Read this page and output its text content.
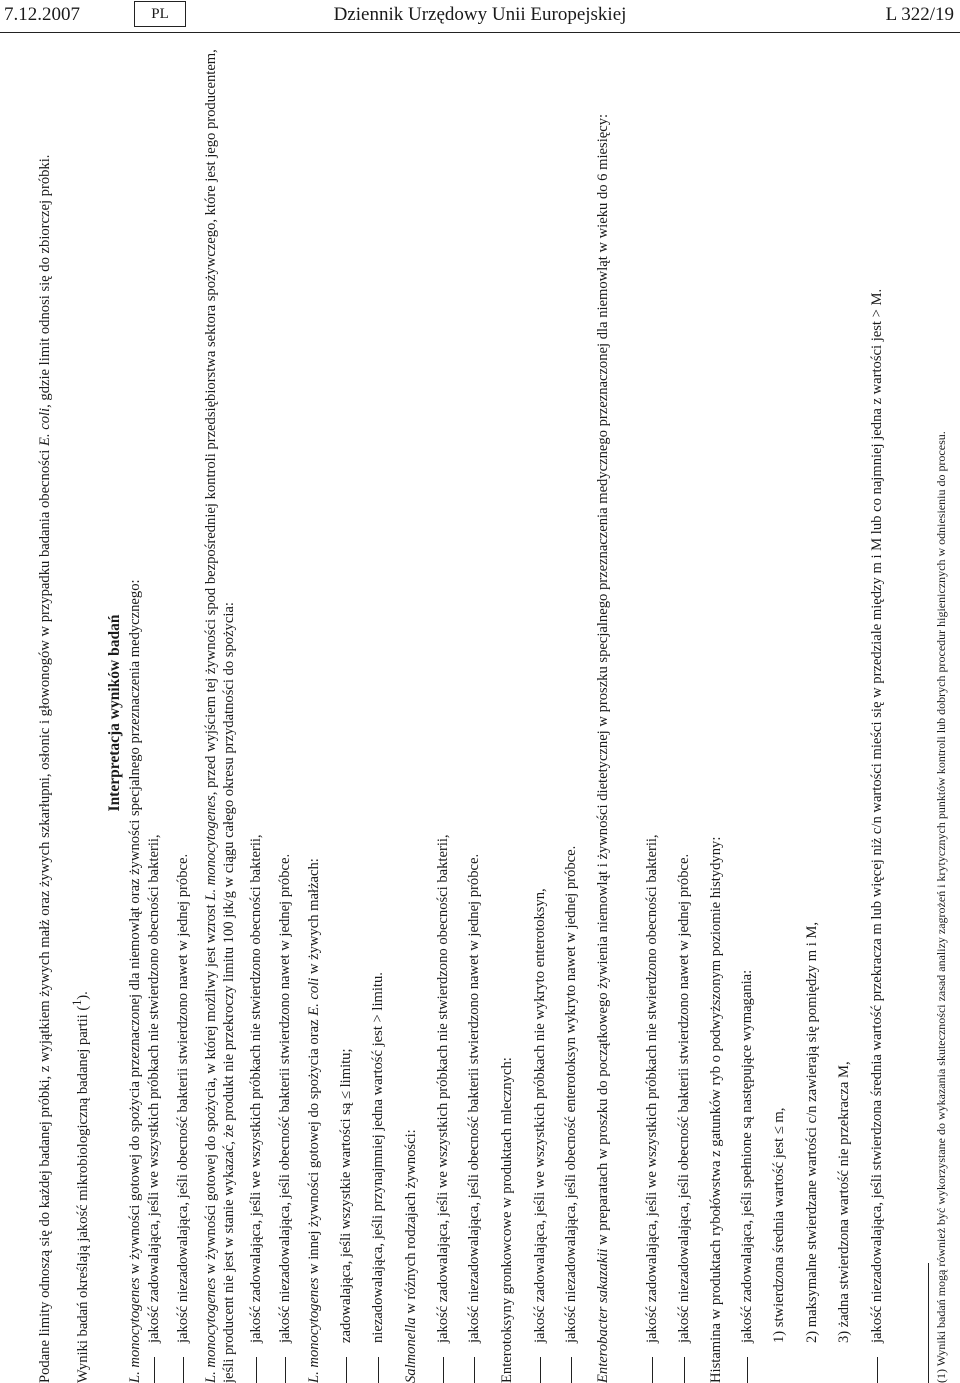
7.12.2007	PL	Dziennik Urzędowy Unii Europejskiej	L 322/19
Podane limity odnoszą się do każdej badanej próbki, z wyjątkiem żywych małż oraz żywych szkarłupni, osłonic i głowonogów w przypadku badania obecności E. coli, gdzie limit odnosi się do zbiorczej próbki.
Wyniki badań określają jakość mikrobiologiczną badanej partii ($^1$).
Interpretacja wyników badań
L. monocytogenes w żywności gotowej do spożycia przeznaczonej dla niemowląt oraz żywności specjalnego przeznaczenia medycznego: jakość zadowalająca, jeśli we wszystkich próbkach nie stwierdzono obecności bakterii, jakość niezadowalająca, jeśli obecność bakterii stwierdzono nawet w jednej próbce. L. monocytogenes w żywności gotowej do spożycia, w której możliwy jest wzrost L. monocytogenes, przed wyjściem tej żywności spod bezpośredniej kontroli przedsiębiorstwa sektora spożywczego, które jest jego producentem, jeśli producent nie jest w stanie wykazać, że produkt nie przekroczy limitu 100 jtk/g w ciągu całego okresu przydatności do spożycia: jakość zadowalająca, jeśli we wszystkich próbkach nie stwierdzono obecności bakterii, jakość niezadowalająca, jeśli obecność bakterii stwierdzono nawet w jednej próbce. L. monocytogenes w innej żywności gotowej do spożycia oraz E. coli w żywych małżach:
zadowalająca, jeśli wszystkie wartości są ≤ limitu; niezadowalająca, jeśli przynajmniej jedna wartość jest > limitu.
Salmonella w różnych rodzajach żywności: jakość zadowalająca, jeśli we wszystkich próbkach nie stwierdzono obecności bakterii, jakość niezadowalająca, jeśli obecność bakterii stwierdzono nawet w jednej próbce. Enterotoksyny gronkowcowe w produktach mlecznych: jakość zadowalająca, jeśli we wszystkich próbkach nie wykryto enterotoksyn, jakość niezadowalająca, jeśli obecność enterotoksyn wykryto nawet w jednej próbce. Enterobacter sakazakii w preparatach w proszku do początkowego żywienia niemowląt i żywności dietetycznej w proszku specjalnego przeznaczenia medycznego przeznaczonej dla niemowląt w wieku do 6 miesięcy: jakość zadowalająca, jeśli we wszystkich próbkach nie stwierdzono obecności bakterii, jakość niezadowalająca, jeśli obecność bakterii stwierdzono nawet w jednej próbce. Histamina w produktach rybołówstwa z gatunków ryb o podwyższonym poziomie histydyny: jakość zadowalająca, jeśli spełnione są następujące wymagania: 1) stwierdzona średnia wartość jest ≤ m, 2) maksymalne stwierdzane wartości c/n zawierają się pomiędzy m i M, 3) żadna stwierdzona wartość nie przekracza M, jakość niezadowalająca, jeśli stwierdzona średnia wartość przekracza m lub więcej niż c/n wartości mieści się w przedziale między m i M lub co najmniej jedna z wartości jest > M.
(1) Wyniki badań mogą również być wykorzystane do wykazania skuteczności zasad analizy zagrożeń i krytycznych punktów kontroli lub dobrych procedur higienicznych w odniesieniu do procesu.
